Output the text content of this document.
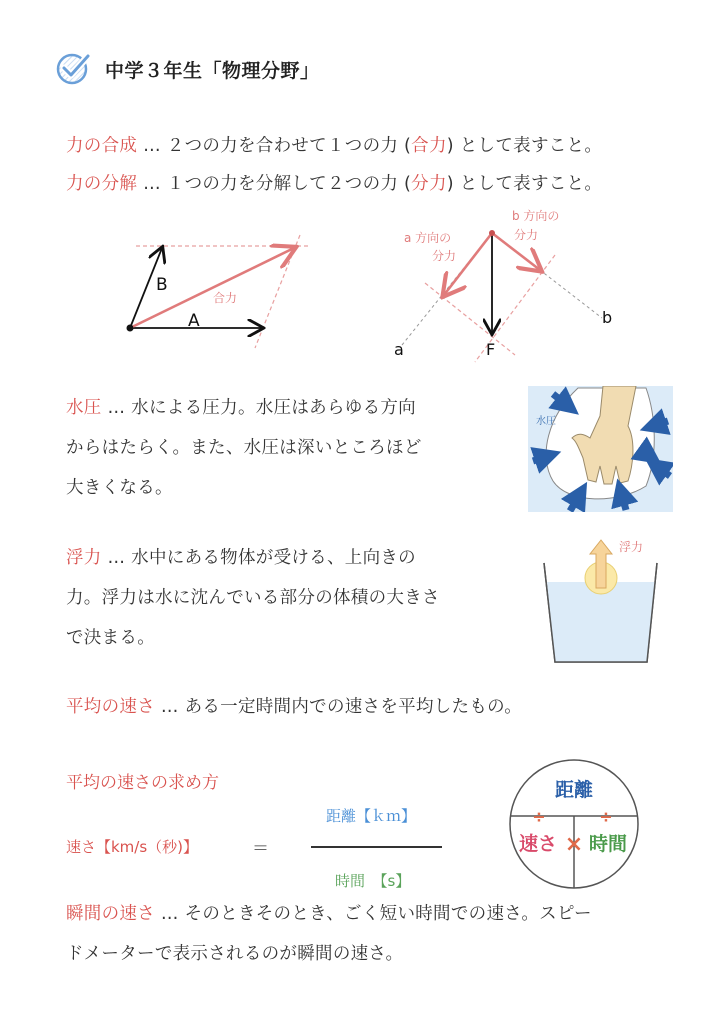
中学３年生「物理分野」
力の合成 … ２つの力を合わせて１つの力 (合力) として表すこと。
力の分解 … １つの力を分解して２つの力 (分力) として表すこと。
B
A
合力
a 方向の
分力
b 方向の
分力
a
b
F
水圧 … 水による圧力。水圧はあらゆる方向
からはたらく。また、水圧は深いところほど
大きくなる。
水圧
浮力 … 水中にある物体が受ける、上向きの
力。浮力は水に沈んでいる部分の体積の大きさ
で決まる。
浮力
平均の速さ … ある一定時間内での速さを平均したもの。
平均の速さの求め方
速さ【km/s（秒)】	＝
距離【ｋｍ】
時間　【s】
距離
÷	÷
速さ × 時間
瞬間の速さ … そのときそのとき、ごく短い時間での速さ。スピー
ドメーターで表示されるのが瞬間の速さ。
